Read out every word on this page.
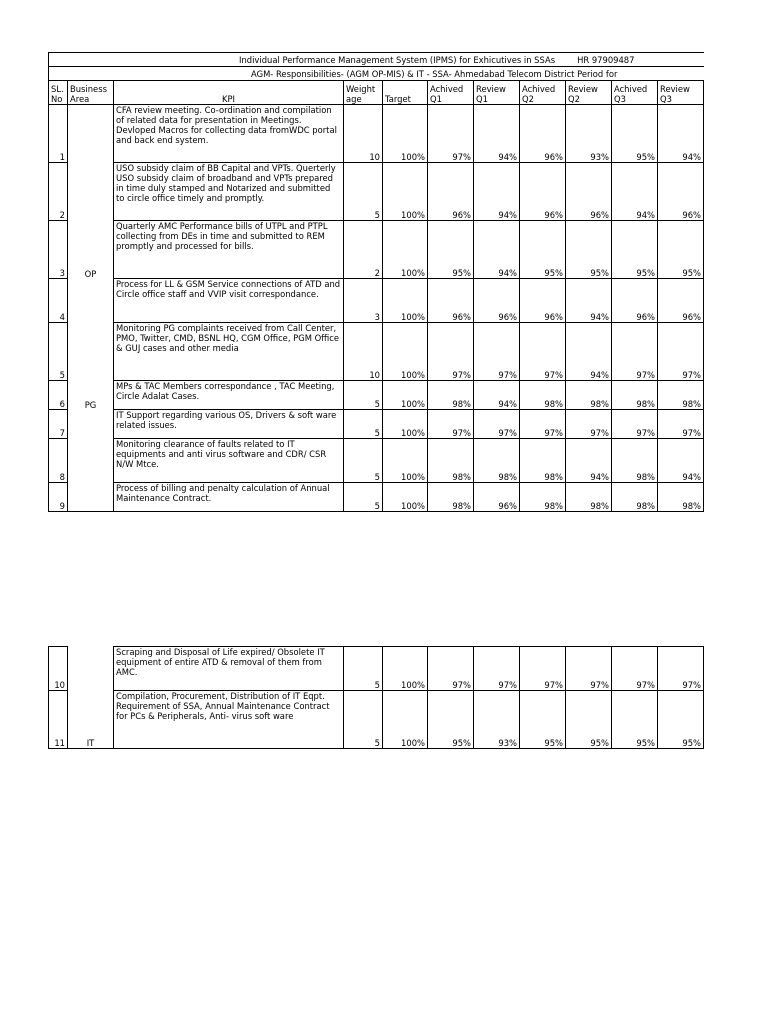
Individual Performance Management System (IPMS) for Exhicutives in SSAs HR 97909487										
AGM- Responsibilities- (AGM OP-MIS) & IT - SSA- Ahmedabad Telecom District Period for										
SL. No	Business Area	KPI	Weightage	Target	Achived Q1	Review Q1	Achived Q2	Review Q2	Achived Q3	Review Q3
1		CFA review meeting. Co-ordination and compilation of related data for presentation in Meetings. Devloped Macros for collecting data fromWDC portal and back end system.	10	100%	97%	94%	96%	93%	95%	94%
2		USO subsidy claim of BB Capital and VPTs. Querterly USO subsidy claim of broadband and VPTs prepared in time duly stamped and Notarized and submitted to circle office timely and promptly.	5	100%	96%	94%	96%	96%	94%	96%
3	OP	Quarterly AMC Performance bills of UTPL and PTPL collecting from DEs in time and submitted to REM promptly and processed for bills.	2	100%	95%	94%	95%	95%	95%	95%
4		Process for LL & GSM Service connections of ATD and Circle office staff and VVIP visit correspondance.	3	100%	96%	96%	96%	94%	96%	96%
5		Monitoring PG complaints received from Call Center, PMO, Twitter, CMD, BSNL HQ, CGM Office, PGM Office & GUJ cases and other media	10	100%	97%	97%	97%	94%	97%	97%
6	PG	MPs & TAC Members correspondance , TAC Meeting, Circle Adalat Cases.	5	100%	98%	94%	98%	98%	98%	98%
7		IT Support regarding various OS, Drivers & soft ware related issues.	5	100%	97%	97%	97%	97%	97%	97%
8		Monitoring clearance of faults related to IT equipments and anti virus software and CDR/ CSR N/W Mtce.	5	100%	98%	98%	98%	94%	98%	94%
9		Process of billing and penalty calculation of Annual Maintenance Contract.	5	100%	98%	96%	98%	98%	98%	98%
10		Scraping and Disposal of Life expired/ Obsolete IT equipment of entire ATD & removal of them from AMC.	5	100%	97%	97%	97%	97%	97%	97%
11	IT	Compilation, Procurement, Distribution of IT Eqpt. Requirement of SSA, Annual Maintenance Contract for PCs & Peripherals, Anti- virus soft ware	5	100%	95%	93%	95%	95%	95%	95%
